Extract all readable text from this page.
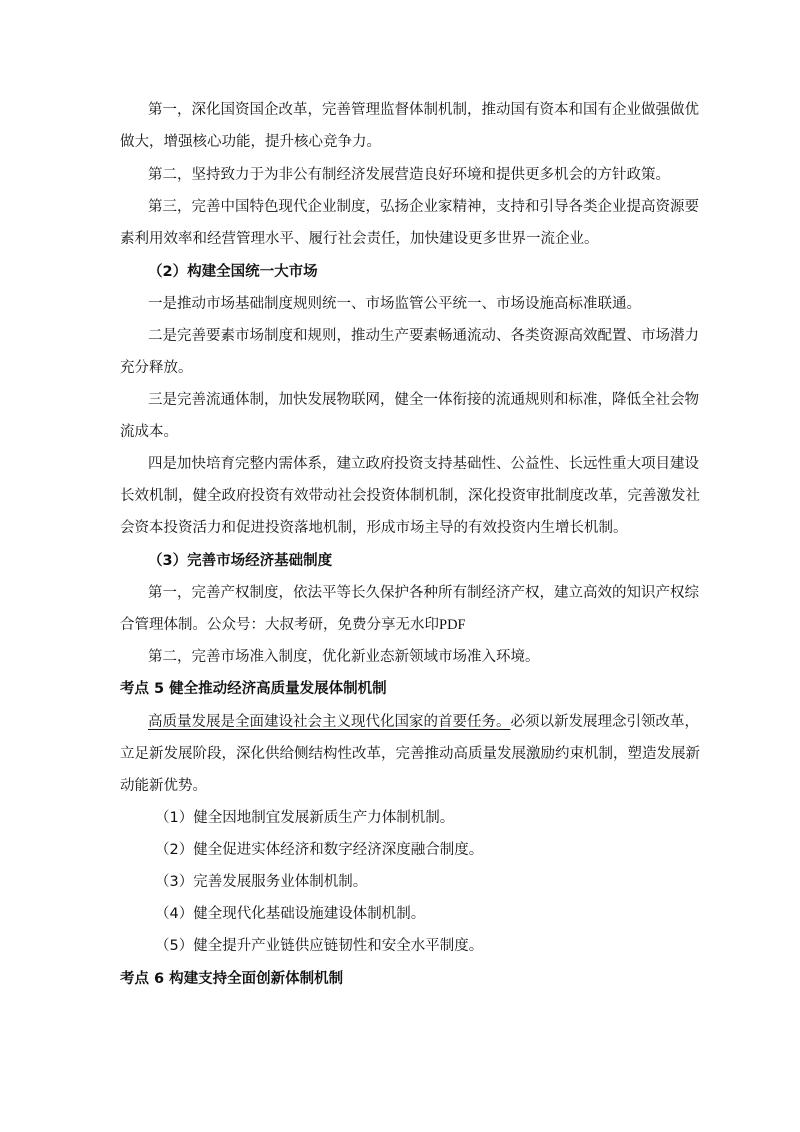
第一，深化国资国企改革，完善管理监督体制机制，推动国有资本和国有企业做强做优
做大，增强核心功能，提升核心竞争力。
第二，坚持致力于为非公有制经济发展营造良好环境和提供更多机会的方针政策。
第三，完善中国特色现代企业制度，弘扬企业家精神，支持和引导各类企业提高资源要
素利用效率和经营管理水平、履行社会责任，加快建设更多世界一流企业。
（2）构建全国统一大市场
一是推动市场基础制度规则统一、市场监管公平统一、市场设施高标准联通。
二是完善要素市场制度和规则，推动生产要素畅通流动、各类资源高效配置、市场潜力
充分释放。
三是完善流通体制，加快发展物联网，健全一体衔接的流通规则和标准，降低全社会物
流成本。
四是加快培育完整内需体系，建立政府投资支持基础性、公益性、长远性重大项目建设
长效机制，健全政府投资有效带动社会投资体制机制，深化投资审批制度改革，完善激发社
会资本投资活力和促进投资落地机制，形成市场主导的有效投资内生增长机制。
（3）完善市场经济基础制度
第一，完善产权制度，依法平等长久保护各种所有制经济产权，建立高效的知识产权综
合管理体制。公众号：大叔考研，免费分享无水印PDF
第二，完善市场准入制度，优化新业态新领域市场准入环境。
考点 5 健全推动经济高质量发展体制机制
高质量发展是全面建设社会主义现代化国家的首要任务。必须以新发展理念引领改革，
立足新发展阶段，深化供给侧结构性改革，完善推动高质量发展激励约束机制，塑造发展新
动能新优势。
（1）健全因地制宜发展新质生产力体制机制。
（2）健全促进实体经济和数字经济深度融合制度。
（3）完善发展服务业体制机制。
（4）健全现代化基础设施建设体制机制。
（5）健全提升产业链供应链韧性和安全水平制度。
考点 6 构建支持全面创新体制机制
